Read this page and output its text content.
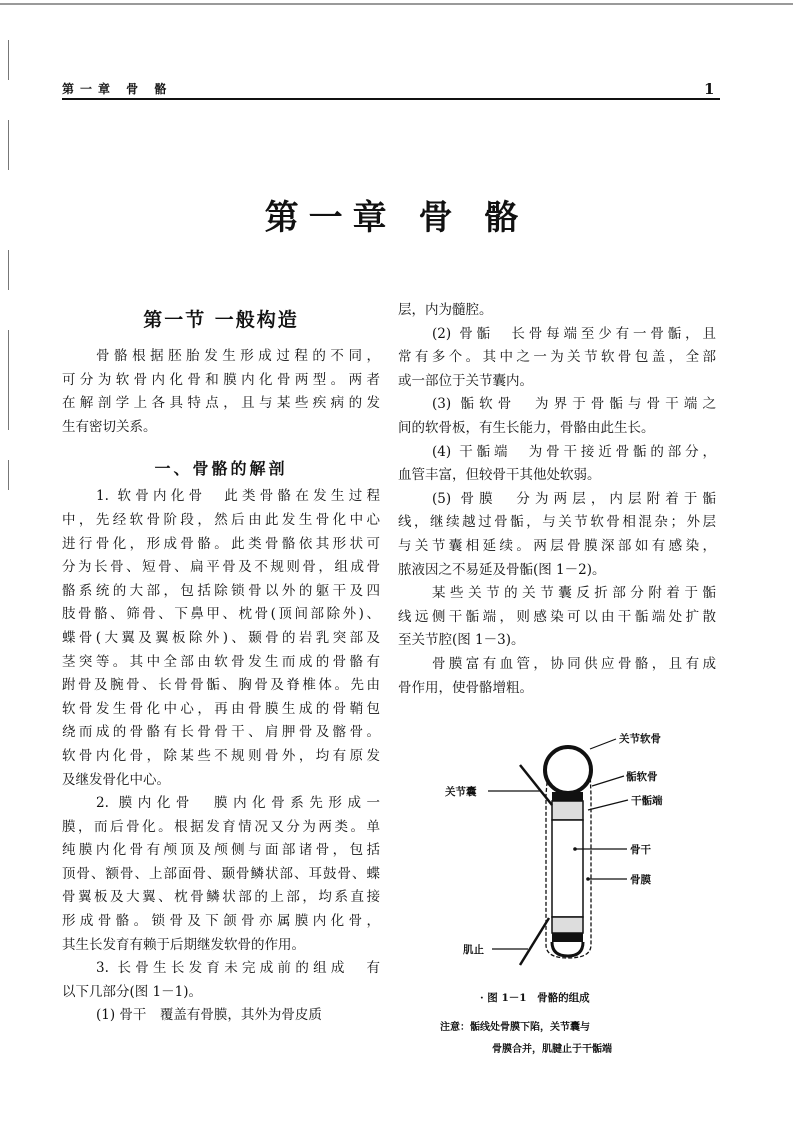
第一章 骨 骼	1
第一章 骨 骼
第一节 一般构造
骨骼根据胚胎发生形成过程的不同，
可分为软骨内化骨和膜内化骨两型。两者
在解剖学上各具特点，且与某些疾病的发
生有密切关系。
一、骨骼的解剖
1. 软骨内化骨　此类骨骼在发生过程
中，先经软骨阶段，然后由此发生骨化中心
进行骨化，形成骨骼。此类骨骼依其形状可
分为长骨、短骨、扁平骨及不规则骨，组成骨
骼系统的大部，包括除锁骨以外的躯干及四
肢骨骼、筛骨、下鼻甲、枕骨(顶间部除外)、
蝶骨(大翼及翼板除外)、颞骨的岩乳突部及
茎突等。其中全部由软骨发生而成的骨骼有
跗骨及腕骨、长骨骨骺、胸骨及脊椎体。先由
软骨发生骨化中心，再由骨膜生成的骨鞘包
绕而成的骨骼有长骨骨干、肩胛骨及髂骨。
软骨内化骨，除某些不规则骨外，均有原发
及继发骨化中心。
2. 膜内化骨　膜内化骨系先形成一
膜，而后骨化。根据发育情况又分为两类。单
纯膜内化骨有颅顶及颅侧与面部诸骨，包括
顶骨、额骨、上部面骨、颞骨鳞状部、耳鼓骨、蝶
骨翼板及大翼、枕骨鳞状部的上部，均系直接
形成骨骼。锁骨及下颌骨亦属膜内化骨，
其生长发育有赖于后期继发软骨的作用。
3. 长骨生长发育未完成前的组成　有
以下几部分(图 1－1)。
(1) 骨干　覆盖有骨膜，其外为骨皮质
层，内为髓腔。
(2) 骨骺　长骨每端至少有一骨骺，且
常有多个。其中之一为关节软骨包盖，全部
或一部位于关节囊内。
(3) 骺软骨　为界于骨骺与骨干端之
间的软骨板，有生长能力，骨骼由此生长。
(4) 干骺端　为骨干接近骨骺的部分，
血管丰富，但较骨干其他处软弱。
(5) 骨膜　分为两层，内层附着于骺
线，继续越过骨骺，与关节软骨相混杂；外层
与关节囊相延续。两层骨膜深部如有感染，
脓液因之不易延及骨骺(图 1－2)。
某些关节的关节囊反折部分附着于骺
线远侧干骺端，则感染可以由干骺端处扩散
至关节腔(图 1－3)。
骨膜富有血管，协同供应骨骼，且有成
骨作用，使骨骼增粗。
关节软骨
骺软骨
干骺端
骨干
骨膜
关节囊
肌止
· 图 1－1　骨骼的组成
注意：骺线处骨膜下陷，关节囊与
骨膜合并，肌腱止于干骺端
